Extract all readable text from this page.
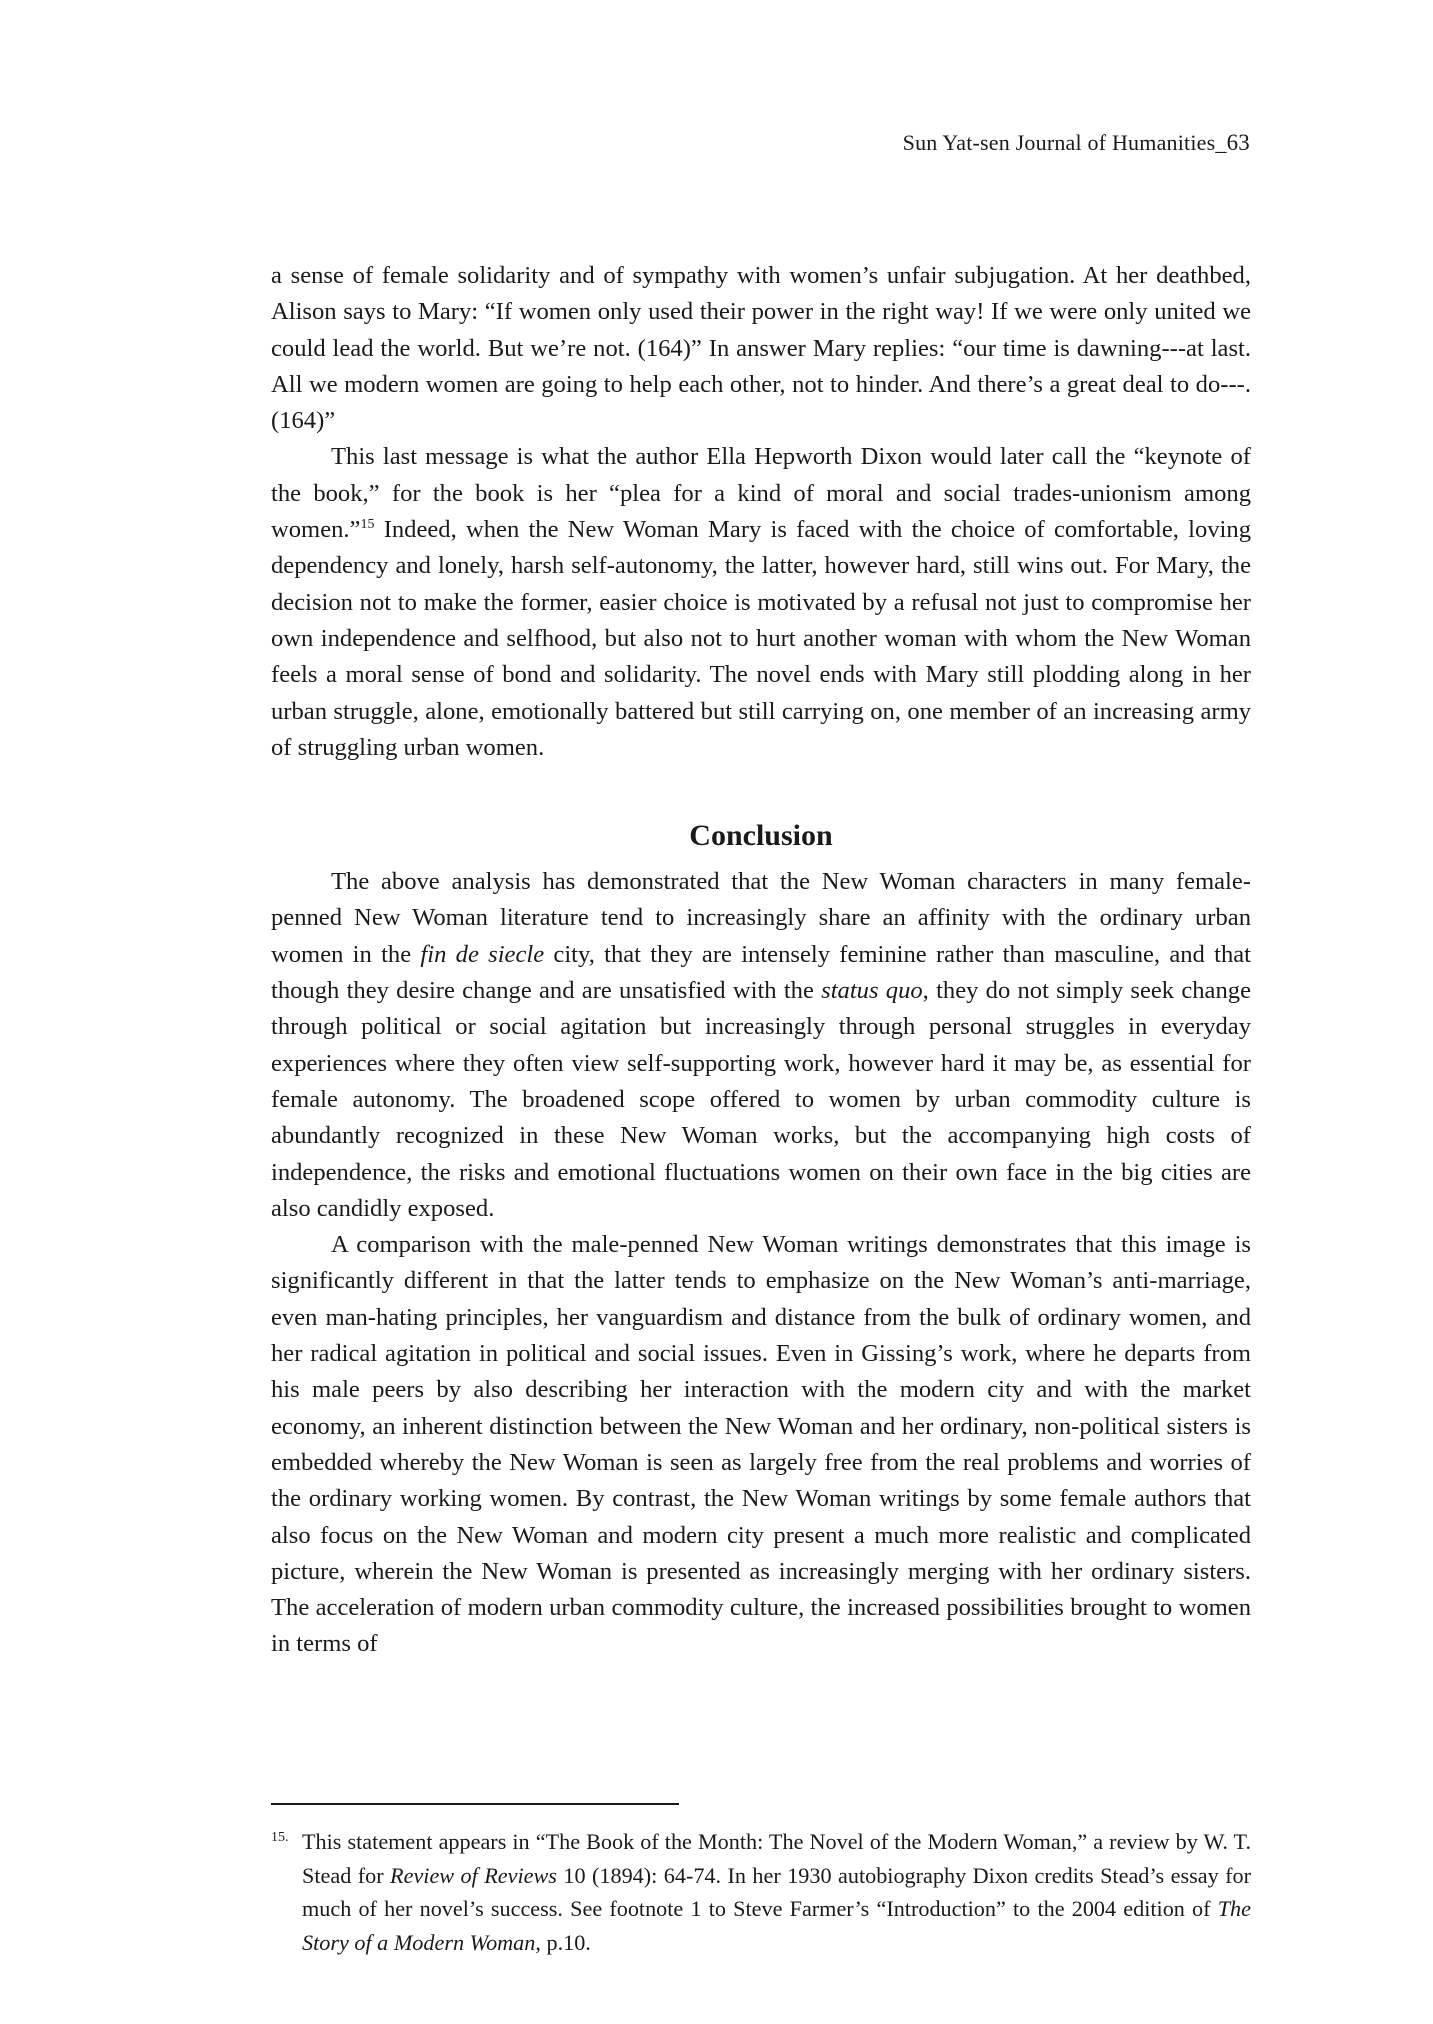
Sun Yat-sen Journal of Humanities_63

a sense of female solidarity and of sympathy with women’s unfair subjugation. At her deathbed, Alison says to Mary: “If women only used their power in the right way! If we were only united we could lead the world. But we’re not. (164)” In answer Mary replies: “our time is dawning---at last. All we modern women are going to help each other, not to hinder. And there’s a great deal to do---. (164)”

This last message is what the author Ella Hepworth Dixon would later call the “keynote of the book,” for the book is her “plea for a kind of moral and social trades-unionism among women.”$^{15}$ Indeed, when the New Woman Mary is faced with the choice of comfortable, loving dependency and lonely, harsh self-autonomy, the latter, however hard, still wins out. For Mary, the decision not to make the former, easier choice is motivated by a refusal not just to compromise her own independence and selfhood, but also not to hurt another woman with whom the New Woman feels a moral sense of bond and solidarity. The novel ends with Mary still plodding along in her urban struggle, alone, emotionally battered but still carrying on, one member of an increasing army of struggling urban women.

Conclusion

The above analysis has demonstrated that the New Woman characters in many female-penned New Woman literature tend to increasingly share an affinity with the ordinary urban women in the fin de siecle city, that they are intensely feminine rather than masculine, and that though they desire change and are unsatisfied with the status quo, they do not simply seek change through political or social agitation but increasingly through personal struggles in everyday experiences where they often view self-supporting work, however hard it may be, as essential for female autonomy. The broadened scope offered to women by urban commodity culture is abundantly recognized in these New Woman works, but the accompanying high costs of independence, the risks and emotional fluctuations women on their own face in the big cities are also candidly exposed.

A comparison with the male-penned New Woman writings demonstrates that this image is significantly different in that the latter tends to emphasize on the New Woman’s anti-marriage, even man-hating principles, her vanguardism and distance from the bulk of ordinary women, and her radical agitation in political and social issues. Even in Gissing’s work, where he departs from his male peers by also describing her interaction with the modern city and with the market economy, an inherent distinction between the New Woman and her ordinary, non-political sisters is embedded whereby the New Woman is seen as largely free from the real problems and worries of the ordinary working women. By contrast, the New Woman writings by some female authors that also focus on the New Woman and modern city present a much more realistic and complicated picture, wherein the New Woman is presented as increasingly merging with her ordinary sisters. The acceleration of modern urban commodity culture, the increased possibilities brought to women in terms of

$^{15.}$ This statement appears in “The Book of the Month: The Novel of the Modern Woman,” a review by W. T. Stead for Review of Reviews 10 (1894): 64-74. In her 1930 autobiography Dixon credits Stead’s essay for much of her novel’s success. See footnote 1 to Steve Farmer’s “Introduction” to the 2004 edition of The Story of a Modern Woman, p.10.
